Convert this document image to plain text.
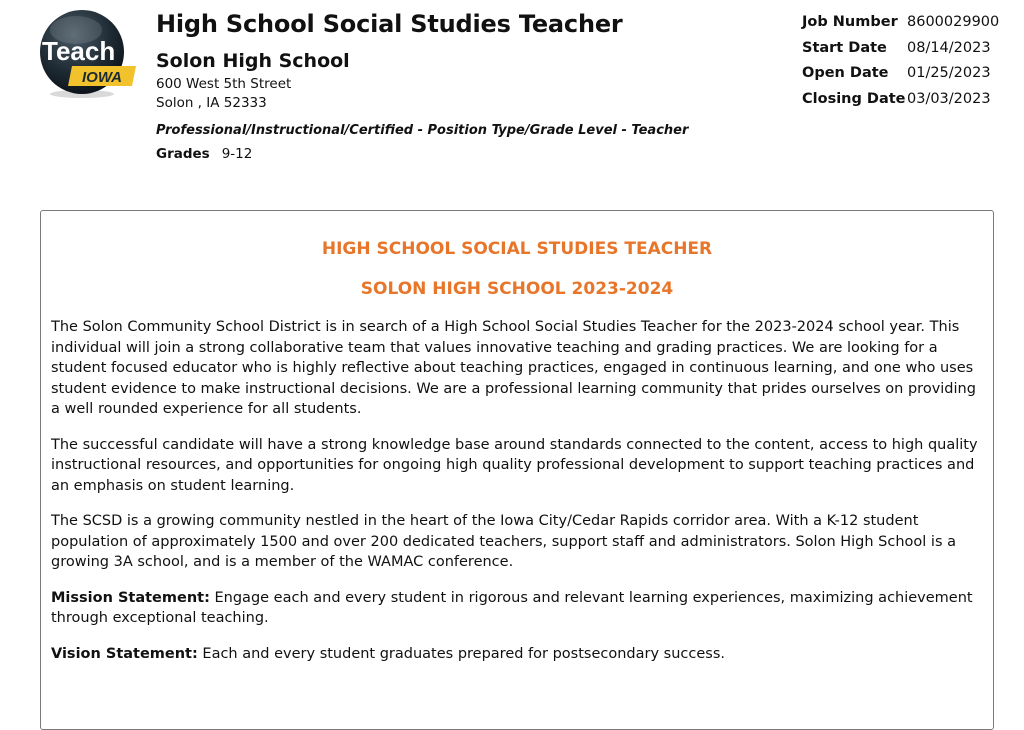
Teach
IOWA
High School Social Studies Teacher
Solon High School
600 West 5th Street
Solon , IA 52333
Professional/Instructional/Certified - Position Type/Grade Level - Teacher
Grades 9-12
Job Number 8600029900
Start Date	08/14/2023
Open Date	01/25/2023
Closing Date 03/03/2023
HIGH SCHOOL SOCIAL STUDIES TEACHER
SOLON HIGH SCHOOL 2023-2024

The Solon Community School District is in search of a High School Social Studies Teacher for the 2023-2024 school year. This individual will join a strong collaborative team that values innovative teaching and grading practices. We are looking for a student focused educator who is highly reflective about teaching practices, engaged in continuous learning, and one who uses student evidence to make instructional decisions. We are a professional learning community that prides ourselves on providing a well rounded experience for all students.

The successful candidate will have a strong knowledge base around standards connected to the content, access to high quality instructional resources, and opportunities for ongoing high quality professional development to support teaching practices and an emphasis on student learning.

The SCSD is a growing community nestled in the heart of the Iowa City/Cedar Rapids corridor area. With a K-12 student population of approximately 1500 and over 200 dedicated teachers, support staff and administrators. Solon High School is a growing 3A school, and is a member of the WAMAC conference.

Mission Statement: Engage each and every student in rigorous and relevant learning experiences, maximizing achievement through exceptional teaching.

Vision Statement: Each and every student graduates prepared for postsecondary success.
